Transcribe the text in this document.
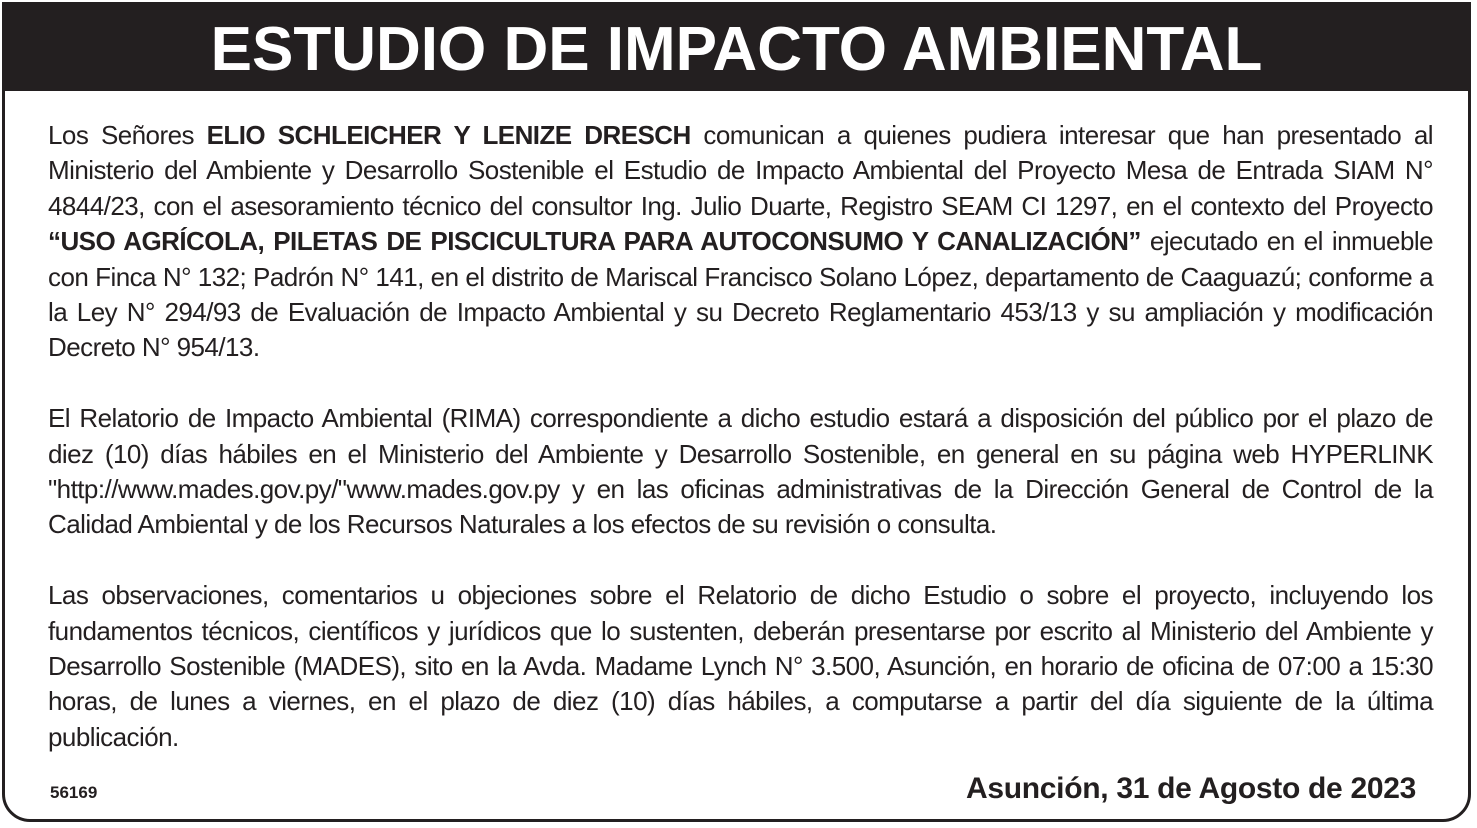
ESTUDIO DE IMPACTO AMBIENTAL

Los Señores ELIO SCHLEICHER Y LENIZE DRESCH comunican a quienes pudiera interesar que han presentado al Ministerio del Ambiente y Desarrollo Sostenible el Estudio de Impacto Ambiental del Proyecto Mesa de Entrada SIAM N° 4844/23, con el asesoramiento técnico del consultor Ing. Julio Duarte, Registro SEAM CI 1297, en el contexto del Proyecto “USO AGRÍCOLA, PILETAS DE PISCICULTURA PARA AUTOCONSUMO Y CANALIZACIÓN” ejecutado en el inmueble con Finca N° 132; Padrón N° 141, en el distrito de Mariscal Francisco Solano López, departamento de Caaguazú; conforme a la Ley N° 294/93 de Evaluación de Impacto Ambiental y su Decreto Reglamentario 453/13 y su ampliación y modificación Decreto N° 954/13.

El Relatorio de Impacto Ambiental (RIMA) correspondiente a dicho estudio estará a disposición del público por el plazo de diez (10) días hábiles en el Ministerio del Ambiente y Desarrollo Sostenible, en general en su página web HYPERLINK "http://www.mades.gov.py/"www.mades.gov.py y en las oficinas administrativas de la Dirección General de Control de la Calidad Ambiental y de los Recursos Naturales a los efectos de su revisión o consulta.

Las observaciones, comentarios u objeciones sobre el Relatorio de dicho Estudio o sobre el proyecto, incluyendo los fundamentos técnicos, científicos y jurídicos que lo sustenten, deberán presentarse por escrito al Ministerio del Ambiente y Desarrollo Sostenible (MADES), sito en la Avda. Madame Lynch N° 3.500, Asunción, en horario de oficina de 07:00 a 15:30 horas, de lunes a viernes, en el plazo de diez (10) días hábiles, a computarse a partir del día siguiente de la última publicación.

56169	Asunción, 31 de Agosto de 2023
